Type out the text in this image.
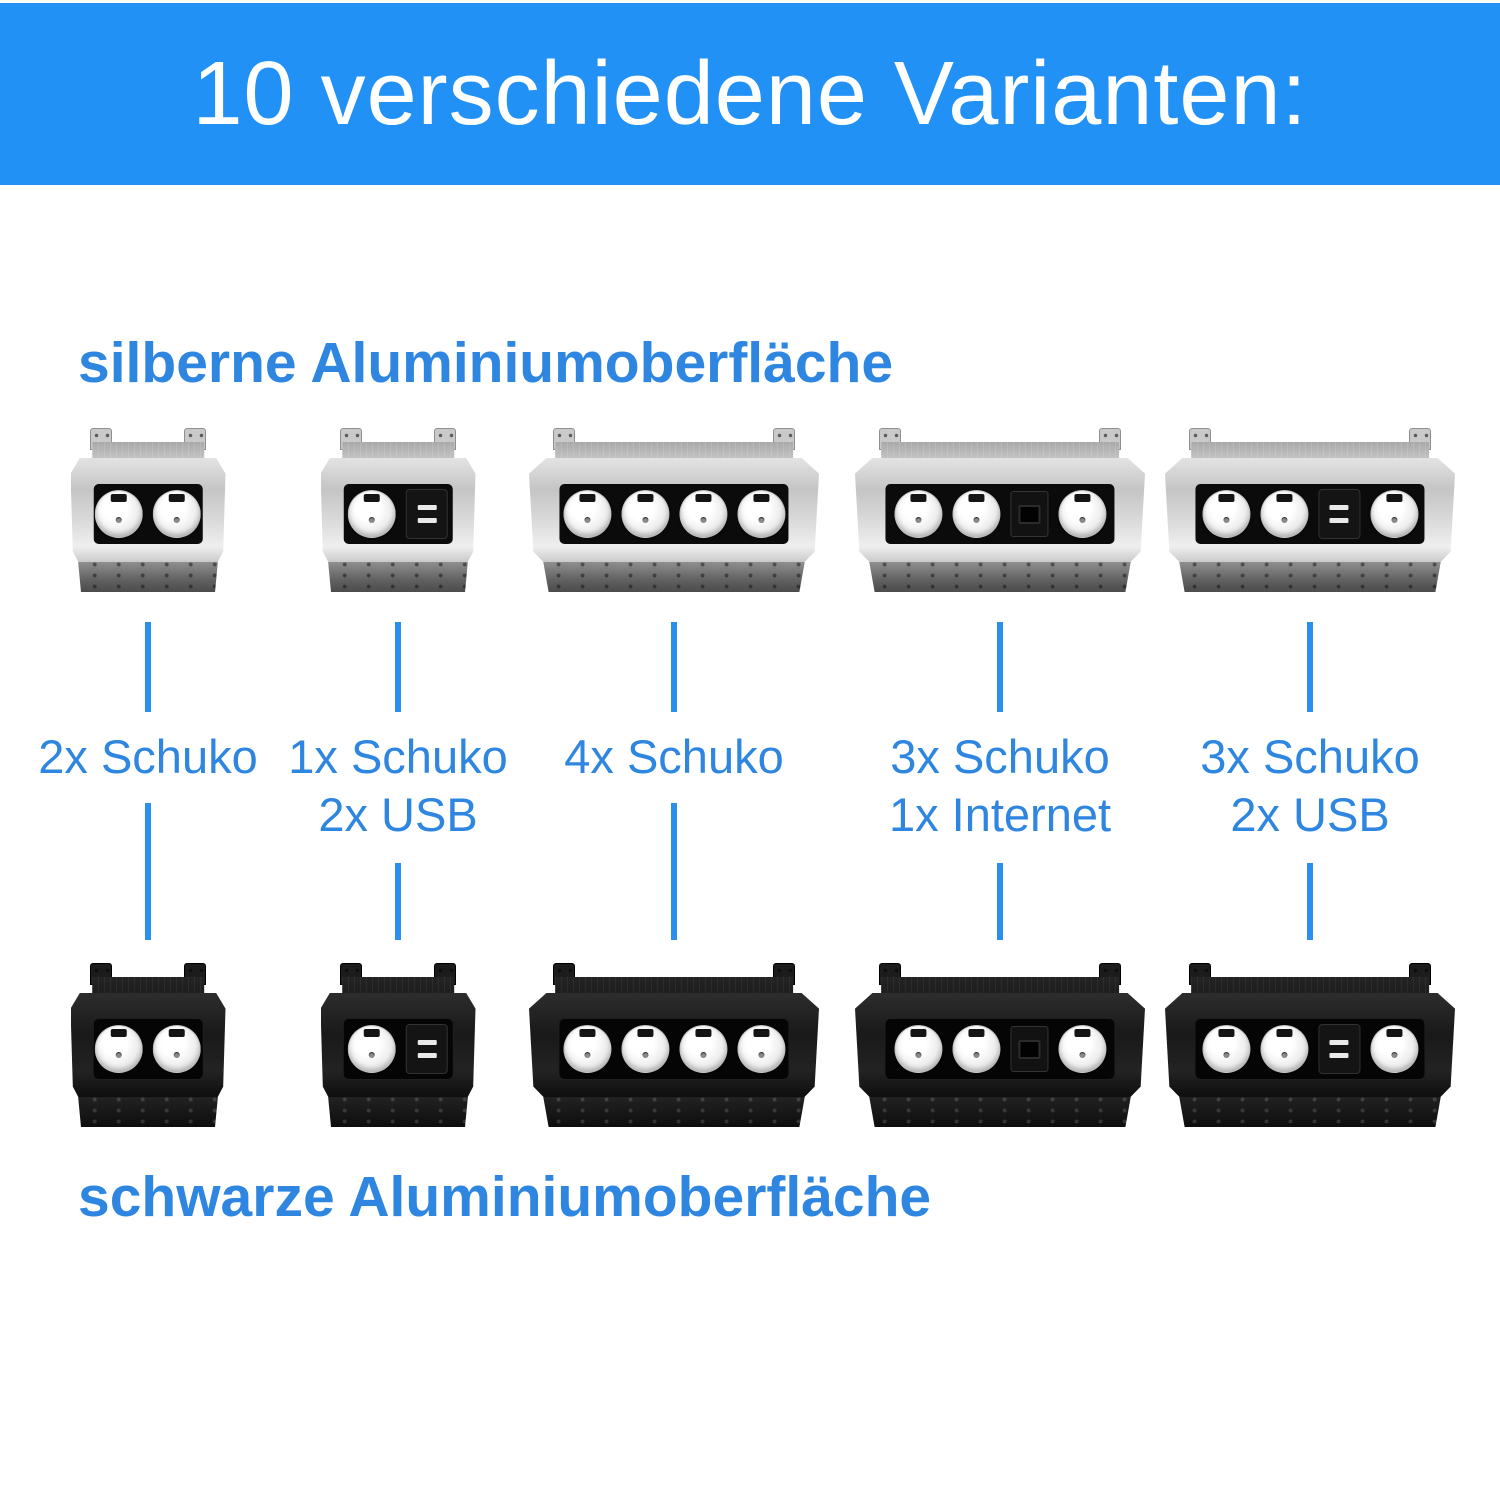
10 verschiedene Varianten:
silberne Aluminiumoberfläche
2x Schuko 1x Schuko
2x USB
4x Schuko 3x Schuko
1x Internet
3x Schuko
2x USB
schwarze Aluminiumoberfläche
